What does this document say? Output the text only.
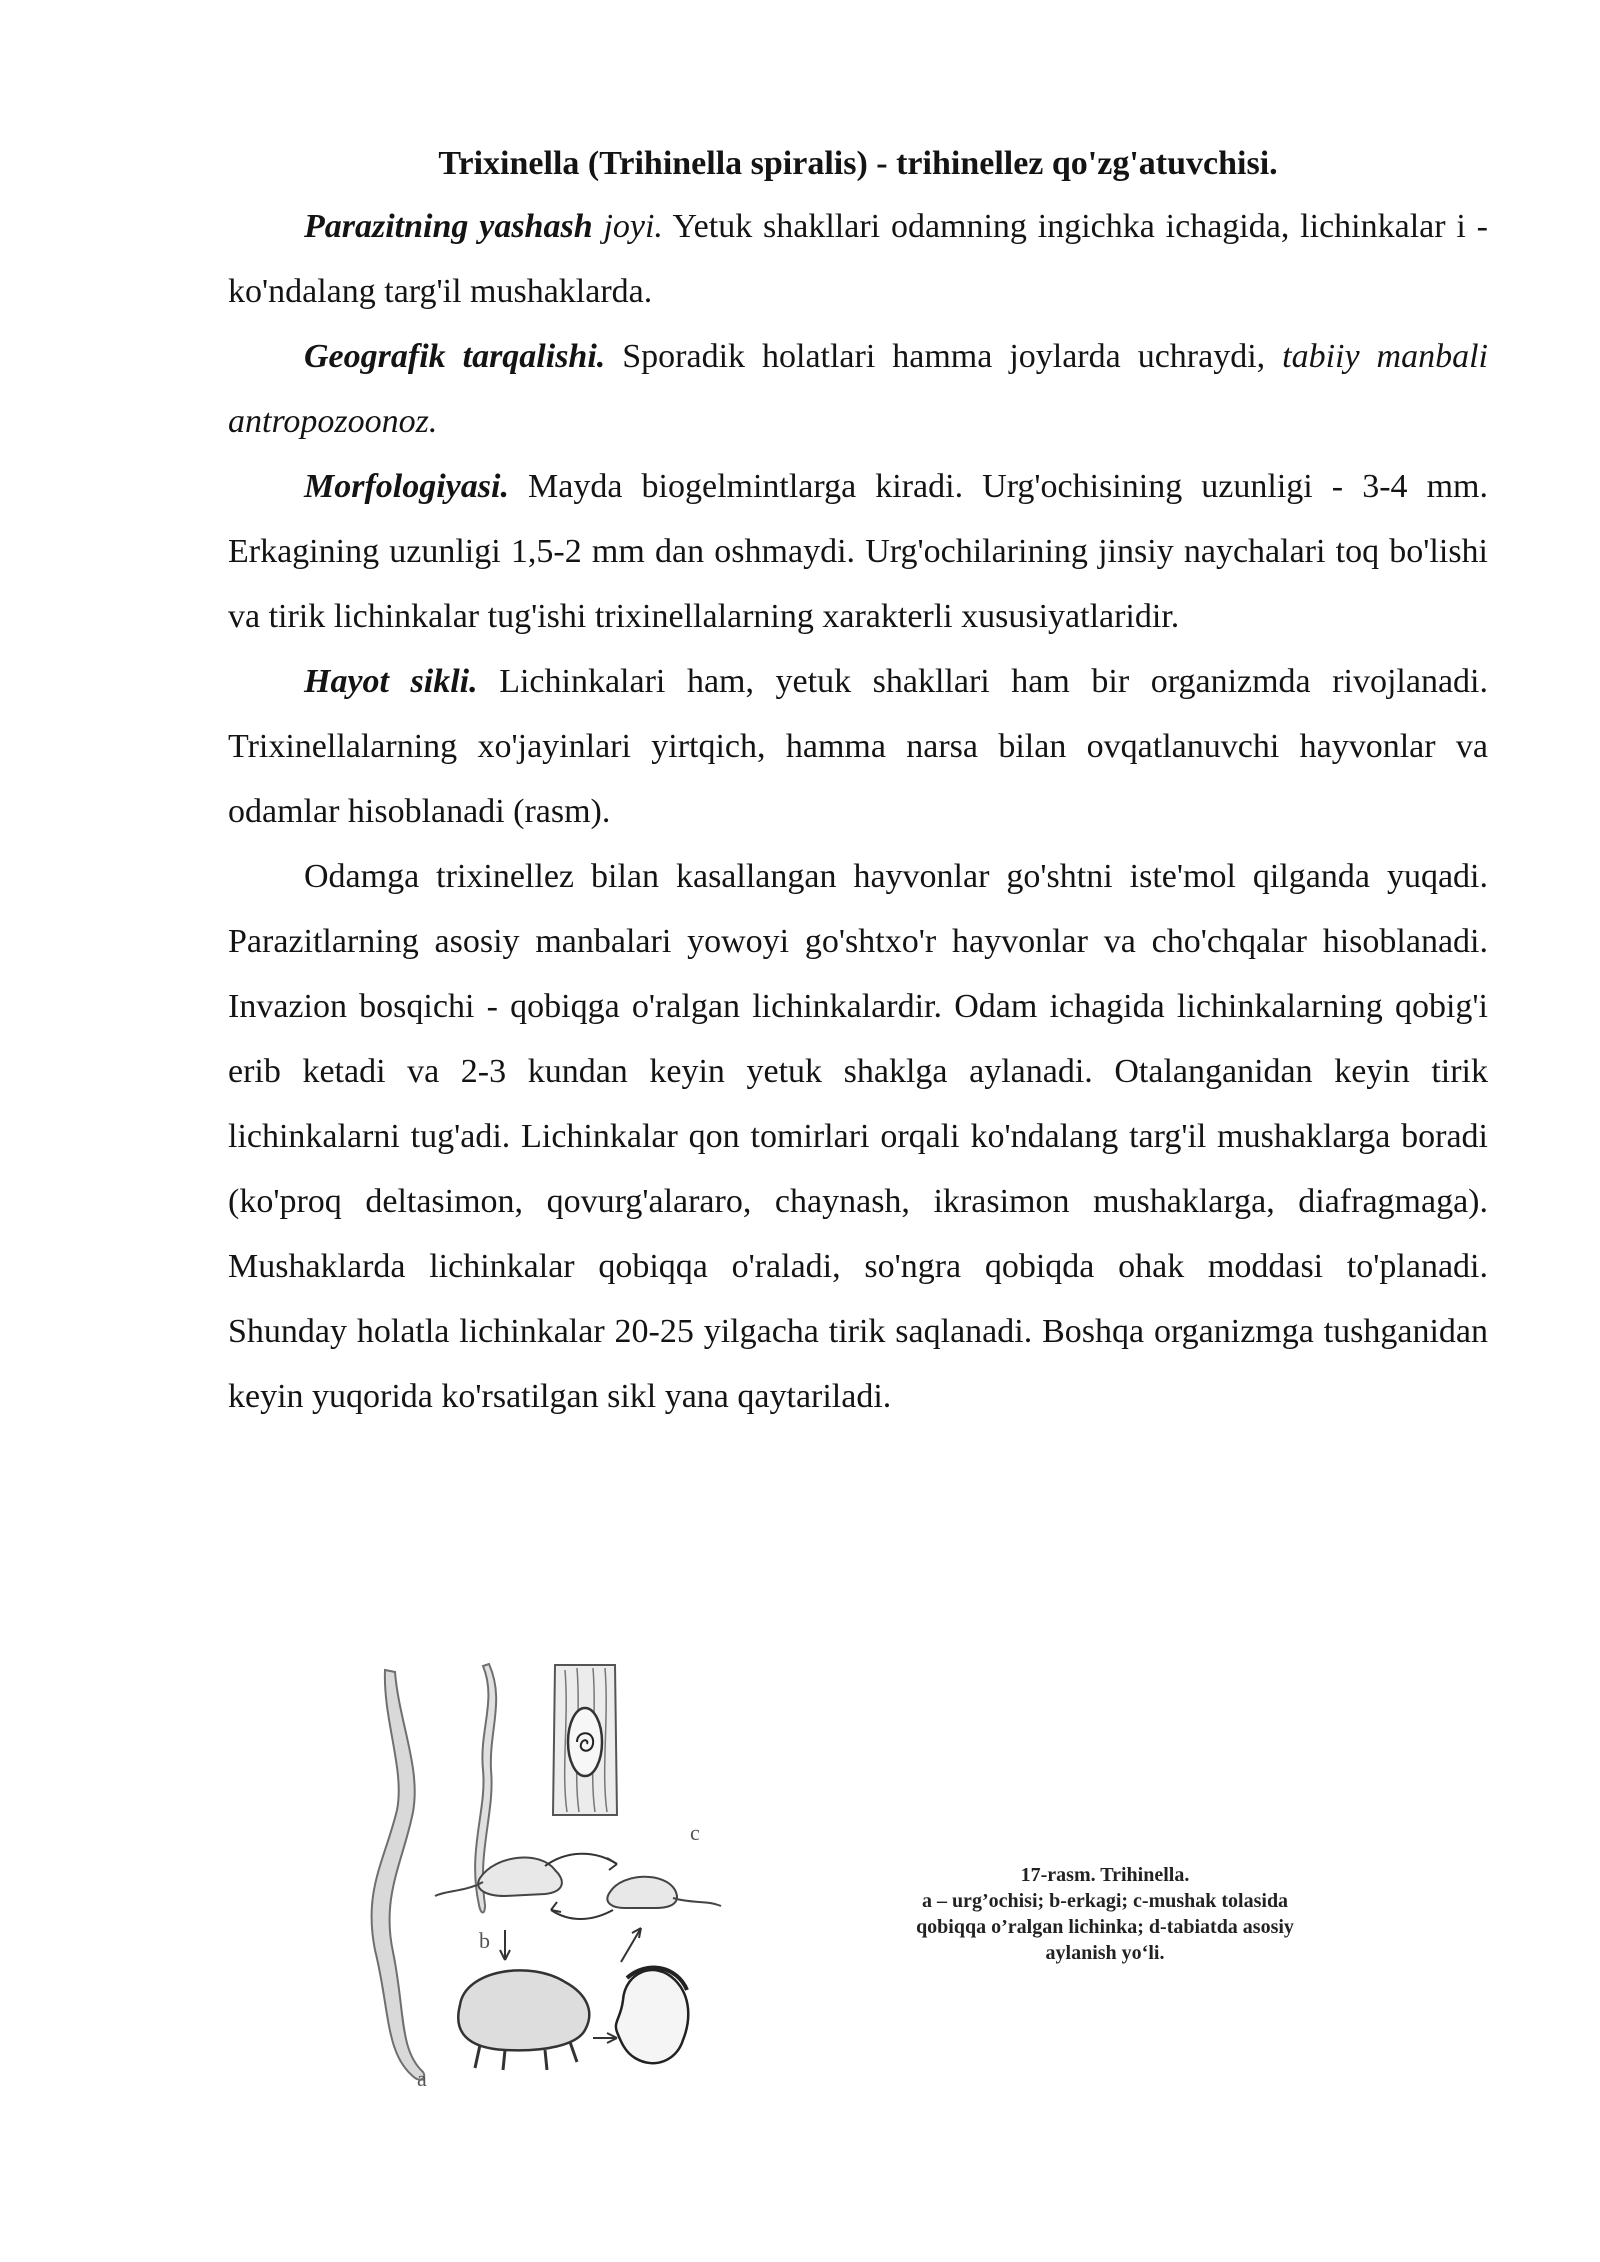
Trixinella (Trihinella spiralis) - trihinellez qo'zg'atuvchisi.

Parazitning yashash joyi. Yetuk shakllari odamning ingichka ichagida, lichinkalar i - ko'ndalang targ'il mushaklarda.

Geografik tarqalishi. Sporadik holatlari hamma joylarda uchraydi, tabiiy manbali antropozoonoz.

Morfologiyasi. Mayda biogelmintlarga kiradi. Urg'ochisining uzunligi - 3-4 mm. Erkagining uzunligi 1,5-2 mm dan oshmaydi. Urg'ochilarining jinsiy naychalari toq bo'lishi va tirik lichinkalar tug'ishi trixinellalarning xarakterli xususiyatlaridir.

Hayot sikli. Lichinkalari ham, yetuk shakllari ham bir organizmda rivojlanadi. Trixinellalarning xo'jayinlari yirtqich, hamma narsa bilan ovqatlanuvchi hayvonlar va odamlar hisoblanadi (rasm).

Odamga trixinellez bilan kasallangan hayvonlar go'shtni iste'mol qilganda yuqadi. Parazitlarning asosiy manbalari yowoyi go'shtxo'r hayvonlar va cho'chqalar hisoblanadi. Invazion bosqichi - qobiqga o'ralgan lichinkalardir. Odam ichagida lichinkalarning qobig'i erib ketadi va 2-3 kundan keyin yetuk shaklga aylanadi. Otalanganidan keyin tirik lichinkalarni tug'adi. Lichinkalar qon tomirlari orqali ko'ndalang targ'il mushaklarga boradi (ko'proq deltasimon, qovurg'alararo, chaynash, ikrasimon mushaklarga, diafragmaga). Mushaklarda lichinkalar qobiqqa o'raladi, so'ngra qobiqda ohak moddasi to'planadi. Shunday holatla lichinkalar 20-25 yilgacha tirik saqlanadi. Boshqa organizmga tushganidan keyin yuqorida ko'rsatilgan sikl yana qaytariladi.

a
b
c
17-rasm. Trihinella.
a – urg’ochisi; b-erkagi; c-mushak tolasida
qobiqqa o’ralgan lichinka; d-tabiatda asosiy
aylanish yo‘li.
